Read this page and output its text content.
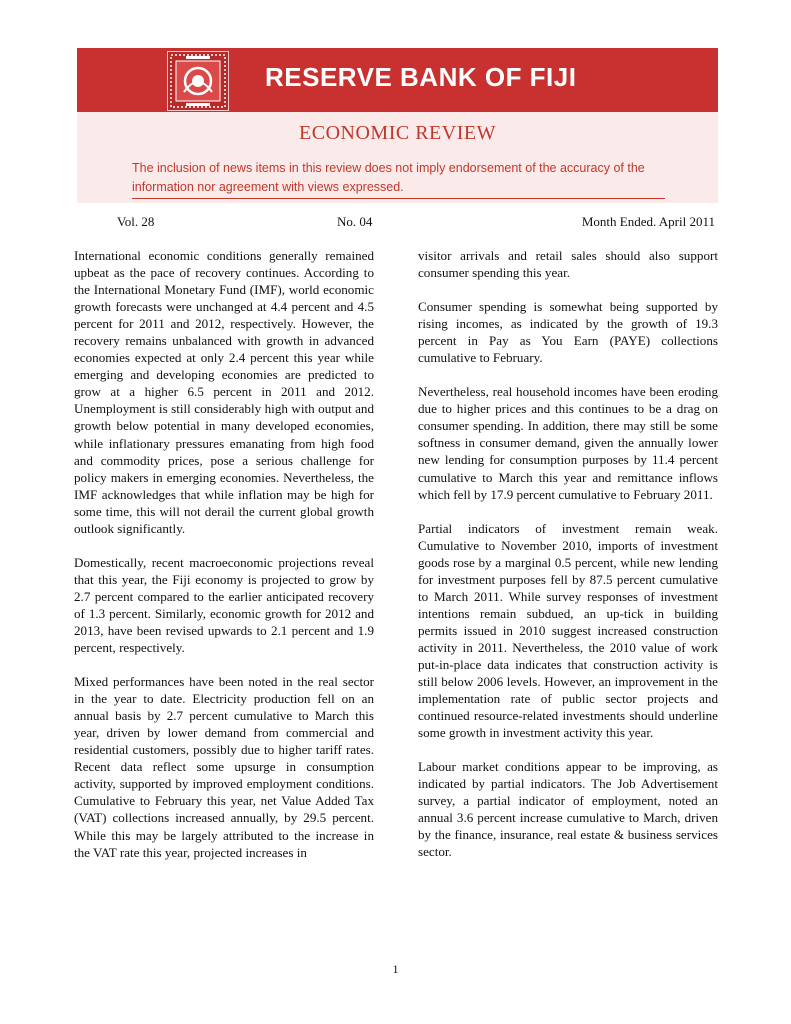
RESERVE BANK OF FIJI
ECONOMIC REVIEW
The inclusion of news items in this review does not imply endorsement of the accuracy of the information nor agreement with views expressed.
Vol. 28	No. 04	Month Ended. April 2011

International economic conditions generally remained upbeat as the pace of recovery continues. According to the International Monetary Fund (IMF), world economic growth forecasts were unchanged at 4.4 percent and 4.5 percent for 2011 and 2012, respectively. However, the recovery remains unbalanced with growth in advanced economies expected at only 2.4 percent this year while emerging and developing economies are predicted to grow at a higher 6.5 percent in 2011 and 2012. Unemployment is still considerably high with output and growth below potential in many developed economies, while inflationary pressures emanating from high food and commodity prices, pose a serious challenge for policy makers in emerging economies. Nevertheless, the IMF acknowledges that while inflation may be high for some time, this will not derail the current global growth outlook significantly.

Domestically, recent macroeconomic projections reveal that this year, the Fiji economy is projected to grow by 2.7 percent compared to the earlier anticipated recovery of 1.3 percent. Similarly, economic growth for 2012 and 2013, have been revised upwards to 2.1 percent and 1.9 percent, respectively.

Mixed performances have been noted in the real sector in the year to date. Electricity production fell on an annual basis by 2.7 percent cumulative to March this year, driven by lower demand from commercial and residential customers, possibly due to higher tariff rates. Recent data reflect some upsurge in consumption activity, supported by improved employment conditions. Cumulative to February this year, net Value Added Tax (VAT) collections increased annually, by 29.5 percent. While this may be largely attributed to the increase in the VAT rate this year, projected increases in

visitor arrivals and retail sales should also support consumer spending this year.

Consumer spending is somewhat being supported by rising incomes, as indicated by the growth of 19.3 percent in Pay as You Earn (PAYE) collections cumulative to February.

Nevertheless, real household incomes have been eroding due to higher prices and this continues to be a drag on consumer spending. In addition, there may still be some softness in consumer demand, given the annually lower new lending for consumption purposes by 11.4 percent cumulative to March this year and remittance inflows which fell by 17.9 percent cumulative to February 2011.

Partial indicators of investment remain weak. Cumulative to November 2010, imports of investment goods rose by a marginal 0.5 percent, while new lending for investment purposes fell by 87.5 percent cumulative to March 2011. While survey responses of investment intentions remain subdued, an up-tick in building permits issued in 2010 suggest increased construction activity in 2011. Nevertheless, the 2010 value of work put-in-place data indicates that construction activity is still below 2006 levels. However, an improvement in the implementation rate of public sector projects and continued resource-related investments should underline some growth in investment activity this year.

Labour market conditions appear to be improving, as indicated by partial indicators. The Job Advertisement survey, a partial indicator of employment, noted an annual 3.6 percent increase cumulative to March, driven by the finance, insurance, real estate & business services sector.

1
